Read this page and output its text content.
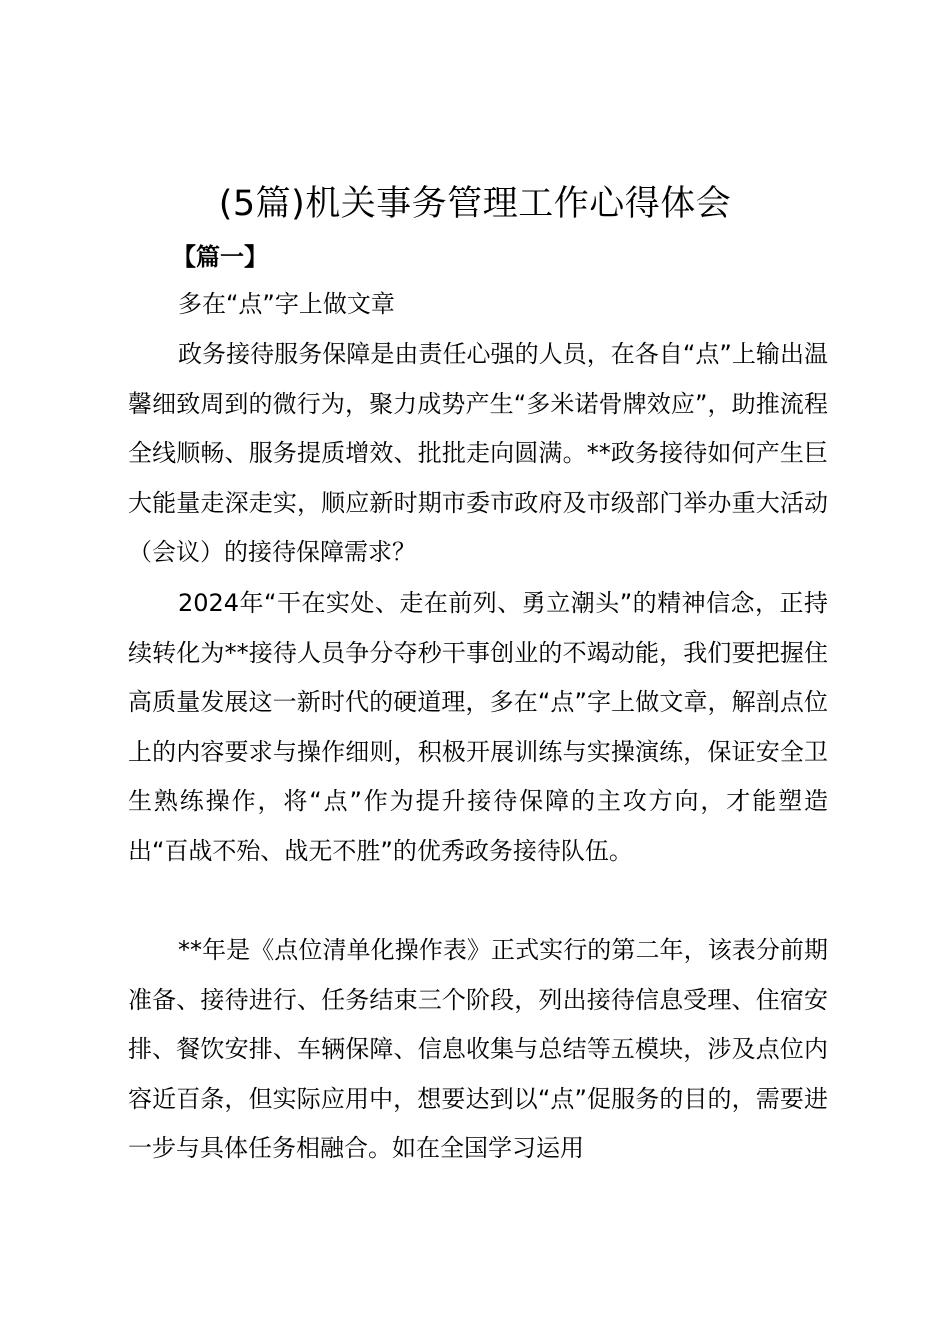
(5篇)机关事务管理工作心得体会
【篇一】
多在“点”字上做文章

政务接待服务保障是由责任心强的人员，在各自“点”上输出温馨细致周到的微行为，聚力成势产生“多米诺骨牌效应”，助推流程全线顺畅、服务提质增效、批批走向圆满。**政务接待如何产生巨大能量走深走实，顺应新时期市委市政府及市级部门举办重大活动（会议）的接待保障需求？

2024年“干在实处、走在前列、勇立潮头”的精神信念，正持续转化为**接待人员争分夺秒干事创业的不竭动能，我们要把握住高质量发展这一新时代的硬道理，多在“点”字上做文章，解剖点位上的内容要求与操作细则，积极开展训练与实操演练，保证安全卫生熟练操作，将“点”作为提升接待保障的主攻方向，才能塑造出“百战不殆、战无不胜”的优秀政务接待队伍。

**年是《点位清单化操作表》正式实行的第二年，该表分前期准备、接待进行、任务结束三个阶段，列出接待信息受理、住宿安排、餐饮安排、车辆保障、信息收集与总结等五模块，涉及点位内容近百条，但实际应用中，想要达到以“点”促服务的目的，需要进一步与具体任务相融合。如在全国学习运用
